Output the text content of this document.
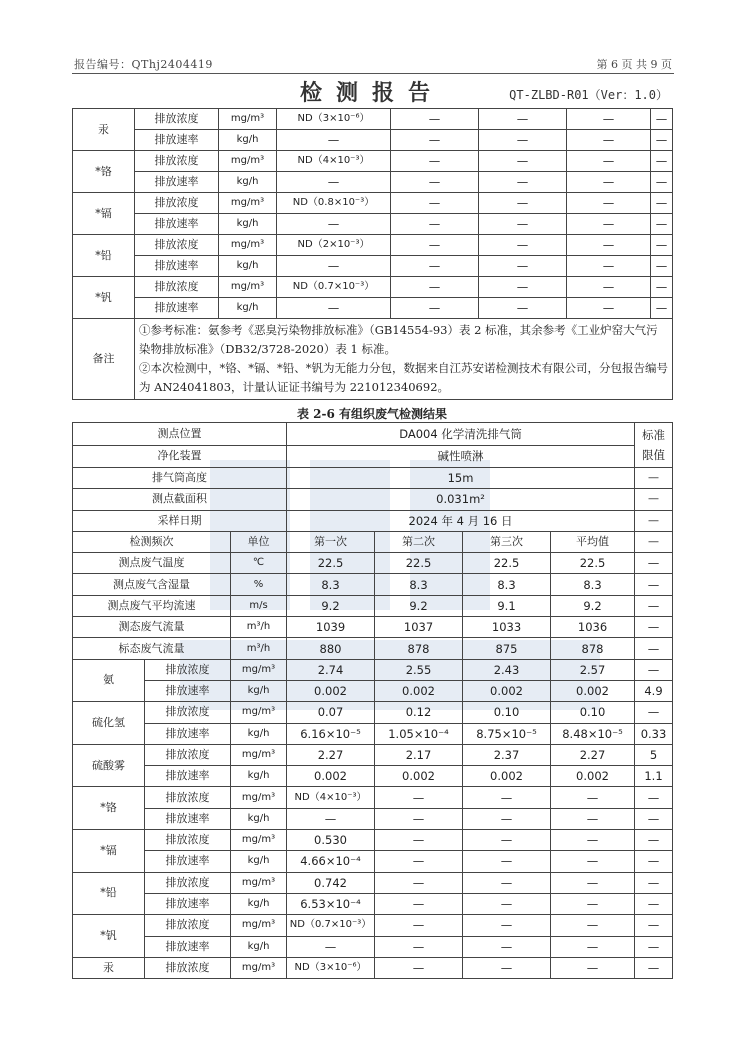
报告编号：QThj2404419	第 6 页 共 9 页
检测报告	QT-ZLBD-R01（Ver：1.0）
汞	排放浓度	mg/m³	ND（3×10⁻⁶）	—	—	—	—
	排放速率	kg/h	—	—	—	—	—
*铬	排放浓度	mg/m³	ND（4×10⁻³）	—	—	—	—
	排放速率	kg/h	—	—	—	—	—
*镉	排放浓度	mg/m³	ND（0.8×10⁻³）	—	—	—	—
	排放速率	kg/h	—	—	—	—	—
*铅	排放浓度	mg/m³	ND（2×10⁻³）	—	—	—	—
	排放速率	kg/h	—	—	—	—	—
*钒	排放浓度	mg/m³	ND（0.7×10⁻³）	—	—	—	—
	排放速率	kg/h	—	—	—	—	—
备注	①参考标准：氨参考《恶臭污染物排放标准》（GB14554-93）表 2 标准，其余参考《工业炉窑大气污染物排放标准》（DB32/3728-2020）表 1 标准。
②本次检测中，*铬、*镉、*铅、*钒为无能力分包，数据来自江苏安诺检测技术有限公司，分包报告编号为 AN24041803，计量认证证书编号为 221012340692。						
表 2-6 有组织废气检测结果
测点位置			DA004 化学清洗排气筒				标准限值
净化装置			碱性喷淋				
排气筒高度			15m				—
测点截面积			0.031m²				—
采样日期			2024 年 4 月 16 日				—
检测频次		单位	第一次	第二次	第三次	平均值	—
测点废气温度		℃	22.5	22.5	22.5	22.5	—
测点废气含湿量		%	8.3	8.3	8.3	8.3	—
测点废气平均流速		m/s	9.2	9.2	9.1	9.2	—
测态废气流量		m³/h	1039	1037	1033	1036	—
标态废气流量		m³/h	880	878	875	878	—
氨	排放浓度	mg/m³	2.74	2.55	2.43	2.57	—
	排放速率	kg/h	0.002	0.002	0.002	0.002	4.9
硫化氢	排放浓度	mg/m³	0.07	0.12	0.10	0.10	—
	排放速率	kg/h	6.16×10⁻⁵	1.05×10⁻⁴	8.75×10⁻⁵	8.48×10⁻⁵	0.33
硫酸雾	排放浓度	mg/m³	2.27	2.17	2.37	2.27	5
	排放速率	kg/h	0.002	0.002	0.002	0.002	1.1
*铬	排放浓度	mg/m³	ND（4×10⁻³）	—	—	—	—
	排放速率	kg/h	—	—	—	—	—
*镉	排放浓度	mg/m³	0.530	—	—	—	—
	排放速率	kg/h	4.66×10⁻⁴	—	—	—	—
*铅	排放浓度	mg/m³	0.742	—	—	—	—
	排放速率	kg/h	6.53×10⁻⁴	—	—	—	—
*钒	排放浓度	mg/m³	ND（0.7×10⁻³）	—	—	—	—
	排放速率	kg/h	—	—	—	—	—
汞	排放浓度	mg/m³	ND（3×10⁻⁶）	—	—	—	—
